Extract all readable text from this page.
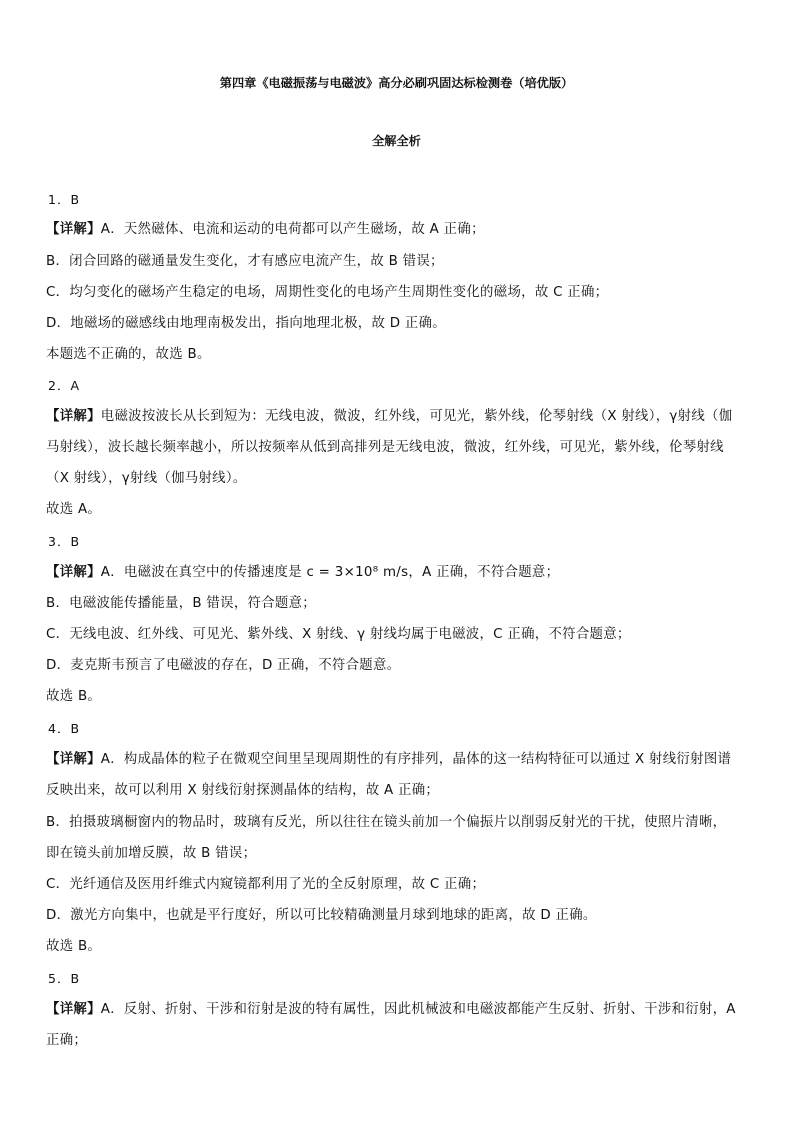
第四章《电磁振荡与电磁波》高分必刷巩固达标检测卷（培优版）
全解全析
1．B
【详解】A．天然磁体、电流和运动的电荷都可以产生磁场，故 A 正确；
B．闭合回路的磁通量发生变化，才有感应电流产生，故 B 错误；
C．均匀变化的磁场产生稳定的电场，周期性变化的电场产生周期性变化的磁场，故 C 正确；
D．地磁场的磁感线由地理南极发出，指向地理北极，故 D 正确。
本题选不正确的，故选 B。
2．A
【详解】电磁波按波长从长到短为：无线电波，微波，红外线，可见光，紫外线，伦琴射线（X 射线），γ射线（伽
马射线），波长越长频率越小，所以按频率从低到高排列是无线电波，微波，红外线，可见光，紫外线，伦琴射线
（X 射线），γ射线（伽马射线）。
故选 A。
3．B
【详解】A．电磁波在真空中的传播速度是 c = 3×10⁸ m/s，A 正确，不符合题意；
B．电磁波能传播能量，B 错误，符合题意；
C．无线电波、红外线、可见光、紫外线、X 射线、γ 射线均属于电磁波，C 正确，不符合题意；
D．麦克斯韦预言了电磁波的存在，D 正确，不符合题意。
故选 B。
4．B
【详解】A．构成晶体的粒子在微观空间里呈现周期性的有序排列，晶体的这一结构特征可以通过 X 射线衍射图谱
反映出来，故可以利用 X 射线衍射探测晶体的结构，故 A 正确；
B．拍摄玻璃橱窗内的物品时，玻璃有反光，所以往往在镜头前加一个偏振片以削弱反射光的干扰，使照片清晰，
即在镜头前加增反膜，故 B 错误；
C．光纤通信及医用纤维式内窥镜都利用了光的全反射原理，故 C 正确；
D．激光方向集中，也就是平行度好，所以可比较精确测量月球到地球的距离，故 D 正确。
故选 B。
5．B
【详解】A．反射、折射、干涉和衍射是波的特有属性，因此机械波和电磁波都能产生反射、折射、干涉和衍射，A
正确；
